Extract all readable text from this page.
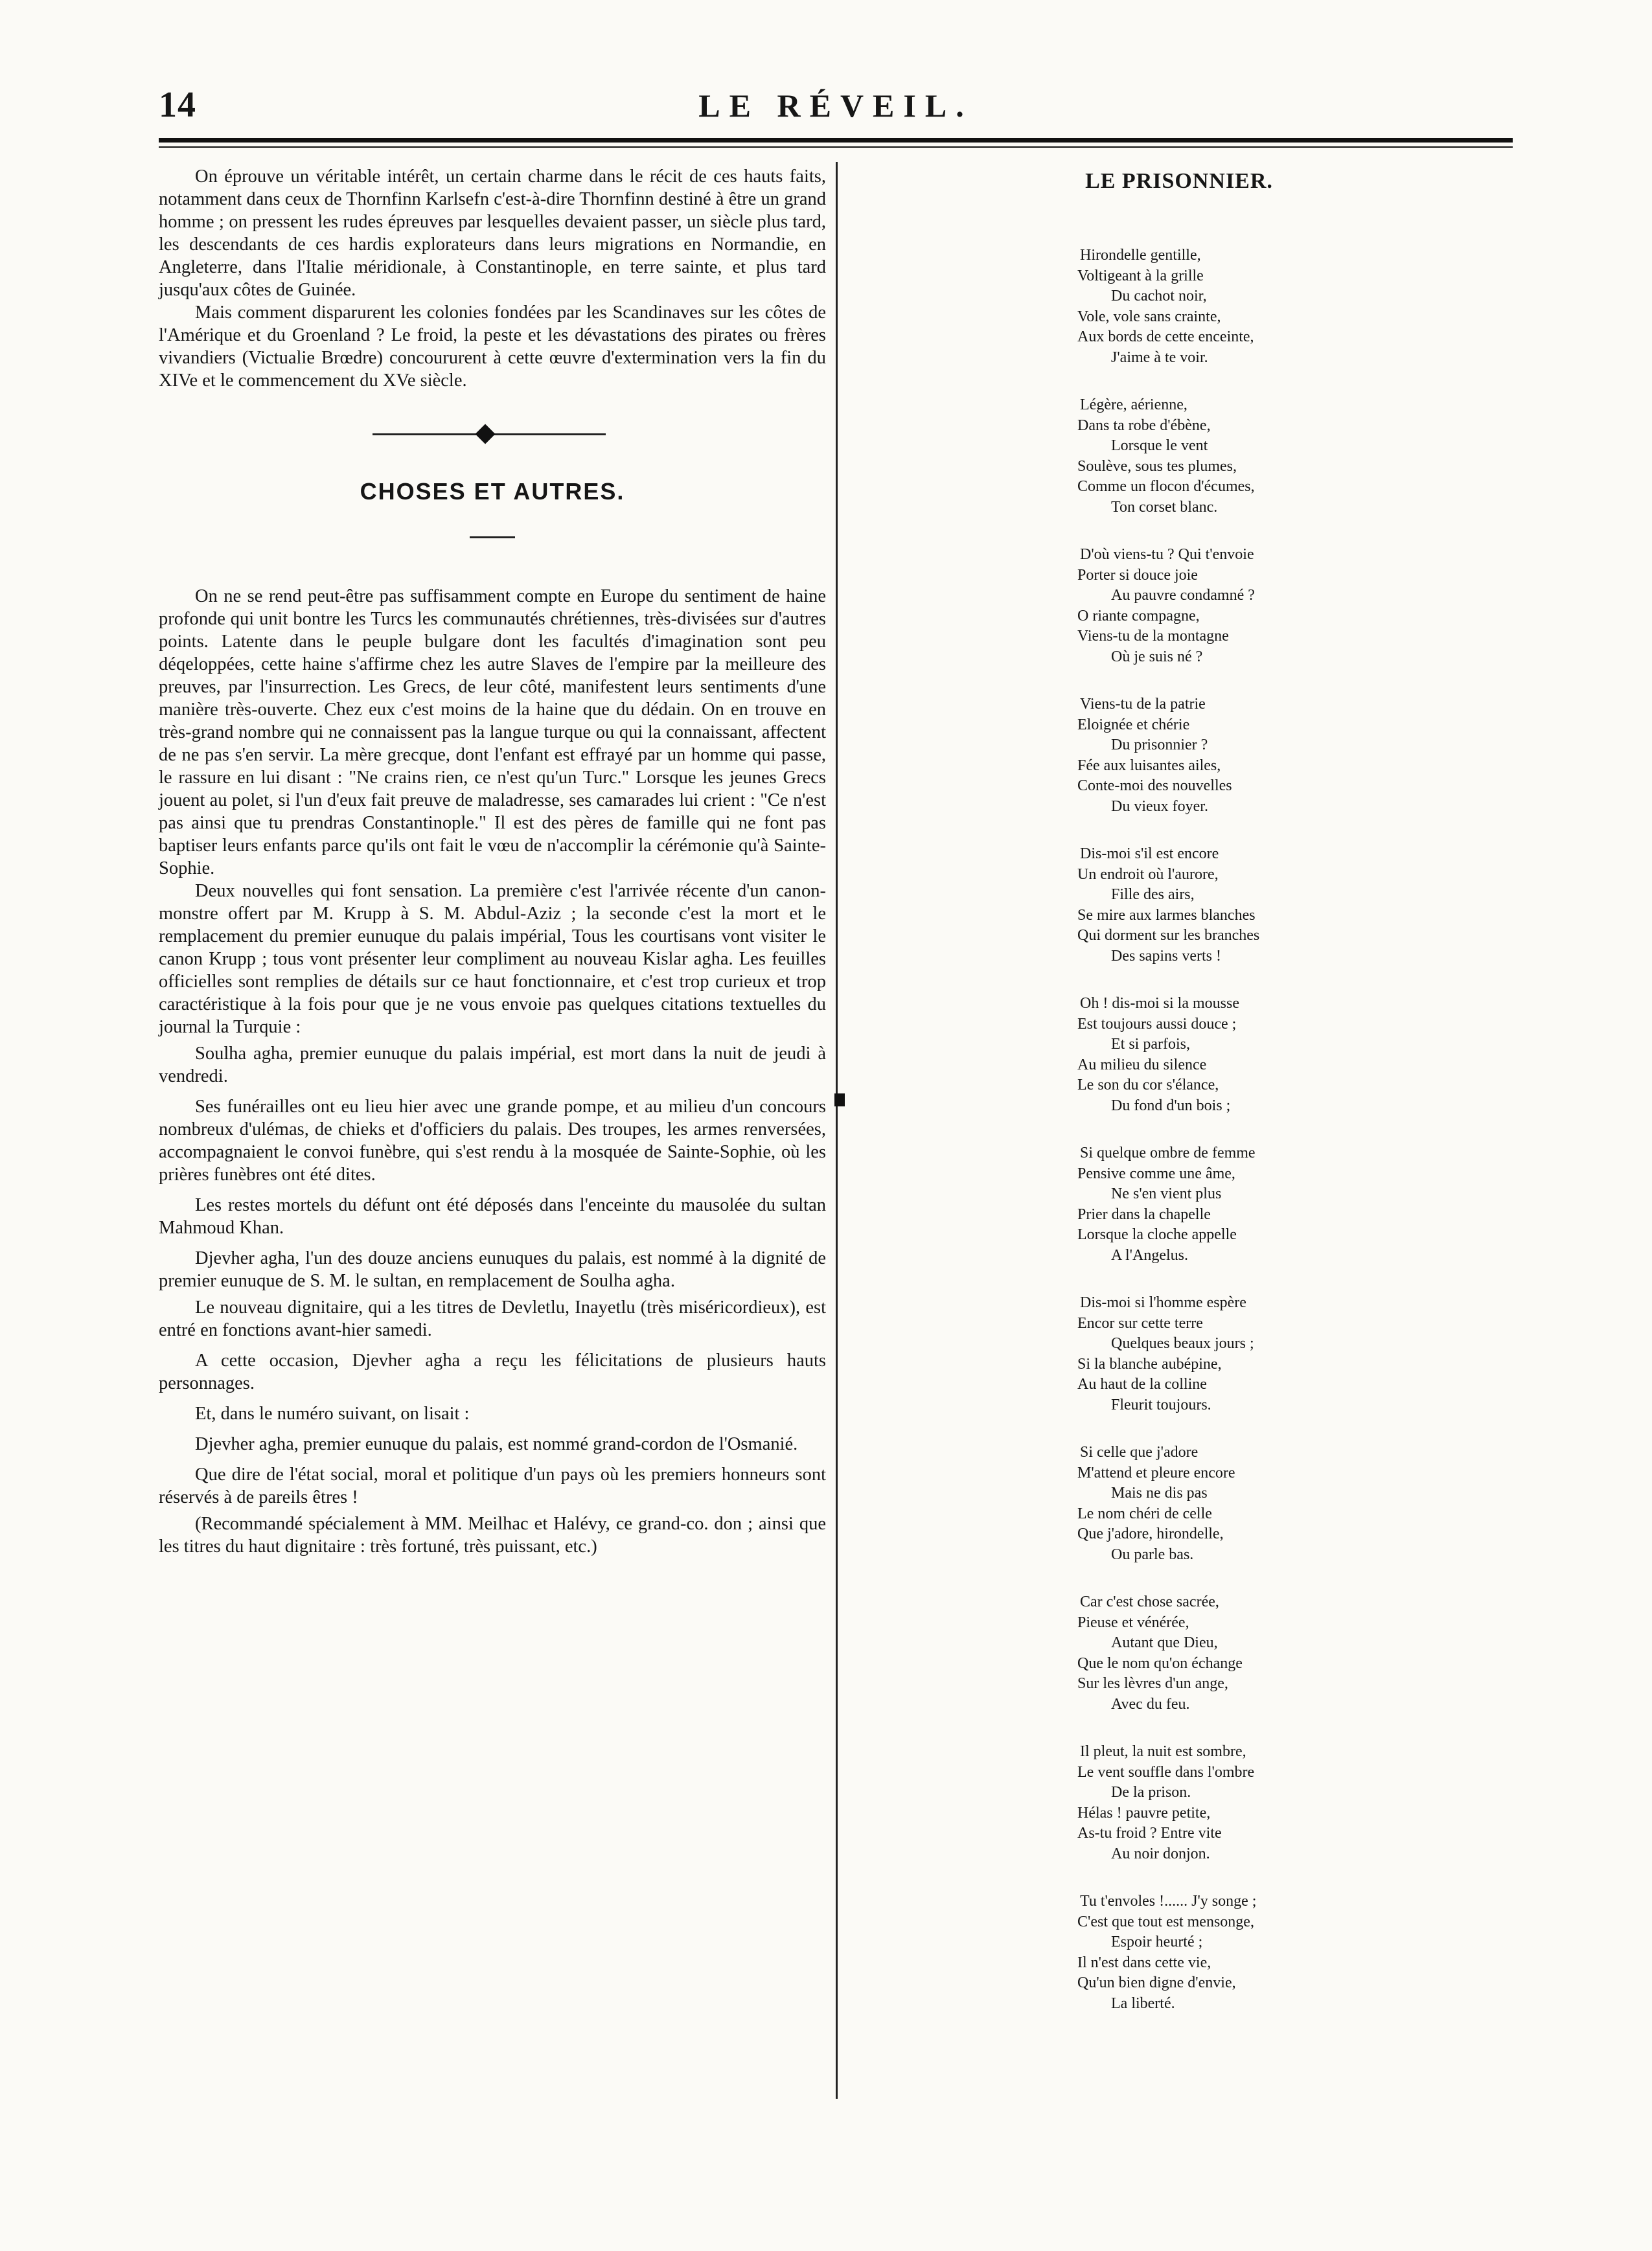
14	LE RÉVEIL.

On éprouve un véritable intérêt, un certain charme dans le récit de ces hauts faits, notamment dans ceux de Thornfinn Karlsefn c'est-à-dire Thornfinn destiné à être un grand homme ; on pressent les rudes épreuves par lesquelles devaient passer, un siècle plus tard, les descendants de ces hardis explorateurs dans leurs migrations en Normandie, en Angleterre, dans l'Italie méridionale, à Constantinople, en terre sainte, et plus tard jusqu'aux côtes de Guinée.

Mais comment disparurent les colonies fondées par les Scandinaves sur les côtes de l'Amérique et du Groenland ? Le froid, la peste et les dévastations des pirates ou frères vivandiers (Victualie Brœdre) concoururent à cette œuvre d'extermination vers la fin du XIVe et le commencement du XVe siècle.

CHOSES ET AUTRES.

On ne se rend peut-être pas suffisamment compte en Europe du sentiment de haine profonde qui unit bontre les Turcs les communautés chrétiennes, très-divisées sur d'autres points. Latente dans le peuple bulgare dont les facultés d'imagination sont peu déqeloppées, cette haine s'affirme chez les autre Slaves de l'empire par la meilleure des preuves, par l'insurrection. Les Grecs, de leur côté, manifestent leurs sentiments d'une manière très-ouverte. Chez eux c'est moins de la haine que du dédain. On en trouve en très-grand nombre qui ne connaissent pas la langue turque ou qui la connaissant, affectent de ne pas s'en servir. La mère grecque, dont l'enfant est effrayé par un homme qui passe, le rassure en lui disant : "Ne crains rien, ce n'est qu'un Turc." Lorsque les jeunes Grecs jouent au polet, si l'un d'eux fait preuve de maladresse, ses camarades lui crient : "Ce n'est pas ainsi que tu prendras Constantinople." Il est des pères de famille qui ne font pas baptiser leurs enfants parce qu'ils ont fait le vœu de n'accomplir la cérémonie qu'à Sainte-Sophie.

Deux nouvelles qui font sensation. La première c'est l'arrivée récente d'un canon-monstre offert par M. Krupp à S. M. Abdul-Aziz ; la seconde c'est la mort et le remplacement du premier eunuque du palais impérial, Tous les courtisans vont visiter le canon Krupp ; tous vont présenter leur compliment au nouveau Kislar agha. Les feuilles officielles sont remplies de détails sur ce haut fonctionnaire, et c'est trop curieux et trop caractéristique à la fois pour que je ne vous envoie pas quelques citations textuelles du journal la Turquie :

Soulha agha, premier eunuque du palais impérial, est mort dans la nuit de jeudi à vendredi.

Ses funérailles ont eu lieu hier avec une grande pompe, et au milieu d'un concours nombreux d'ulémas, de chieks et d'officiers du palais. Des troupes, les armes renversées, accompagnaient le convoi funèbre, qui s'est rendu à la mosquée de Sainte-Sophie, où les prières funèbres ont été dites.

Les restes mortels du défunt ont été déposés dans l'enceinte du mausolée du sultan Mahmoud Khan.

Djevher agha, l'un des douze anciens eunuques du palais, est nommé à la dignité de premier eunuque de S. M. le sultan, en remplacement de Soulha agha.

Le nouveau dignitaire, qui a les titres de Devletlu, Inayetlu (très miséricordieux), est entré en fonctions avant-hier samedi.

A cette occasion, Djevher agha a reçu les félicitations de plusieurs hauts personnages.

Et, dans le numéro suivant, on lisait :

Djevher agha, premier eunuque du palais, est nommé grand-cordon de l'Osmanié.

Que dire de l'état social, moral et politique d'un pays où les premiers honneurs sont réservés à de pareils êtres !

(Recommandé spécialement à MM. Meilhac et Halévy, ce grand-co. don ; ainsi que les titres du haut dignitaire : très fortuné, très puissant, etc.)

LE PRISONNIER.
Hirondelle gentille,
Voltigeant à la grille
Du cachot noir,
Vole, vole sans crainte,
Aux bords de cette enceinte,
J'aime à te voir.
Légère, aérienne,
Dans ta robe d'ébène,
Lorsque le vent
Soulève, sous tes plumes,
Comme un flocon d'écumes,
Ton corset blanc.
D'où viens-tu ? Qui t'envoie
Porter si douce joie
Au pauvre condamné ?
O riante compagne,
Viens-tu de la montagne
Où je suis né ?
Viens-tu de la patrie
Eloignée et chérie
Du prisonnier ?
Fée aux luisantes ailes,
Conte-moi des nouvelles
Du vieux foyer.
Dis-moi s'il est encore
Un endroit où l'aurore,
Fille des airs,
Se mire aux larmes blanches
Qui dorment sur les branches
Des sapins verts !
Oh ! dis-moi si la mousse
Est toujours aussi douce ;
Et si parfois,
Au milieu du silence
Le son du cor s'élance,
Du fond d'un bois ;
Si quelque ombre de femme
Pensive comme une âme,
Ne s'en vient plus
Prier dans la chapelle
Lorsque la cloche appelle
A l'Angelus.
Dis-moi si l'homme espère
Encor sur cette terre
Quelques beaux jours ;
Si la blanche aubépine,
Au haut de la colline
Fleurit toujours.
Si celle que j'adore
M'attend et pleure encore
Mais ne dis pas
Le nom chéri de celle
Que j'adore, hirondelle,
Ou parle bas.
Car c'est chose sacrée,
Pieuse et vénérée,
Autant que Dieu,
Que le nom qu'on échange
Sur les lèvres d'un ange,
Avec du feu.
Il pleut, la nuit est sombre,
Le vent souffle dans l'ombre
De la prison.
Hélas ! pauvre petite,
As-tu froid ? Entre vite
Au noir donjon.
Tu t'envoles !...... J'y songe ;
C'est que tout est mensonge,
Espoir heurté ;
Il n'est dans cette vie,
Qu'un bien digne d'envie,
La liberté.
